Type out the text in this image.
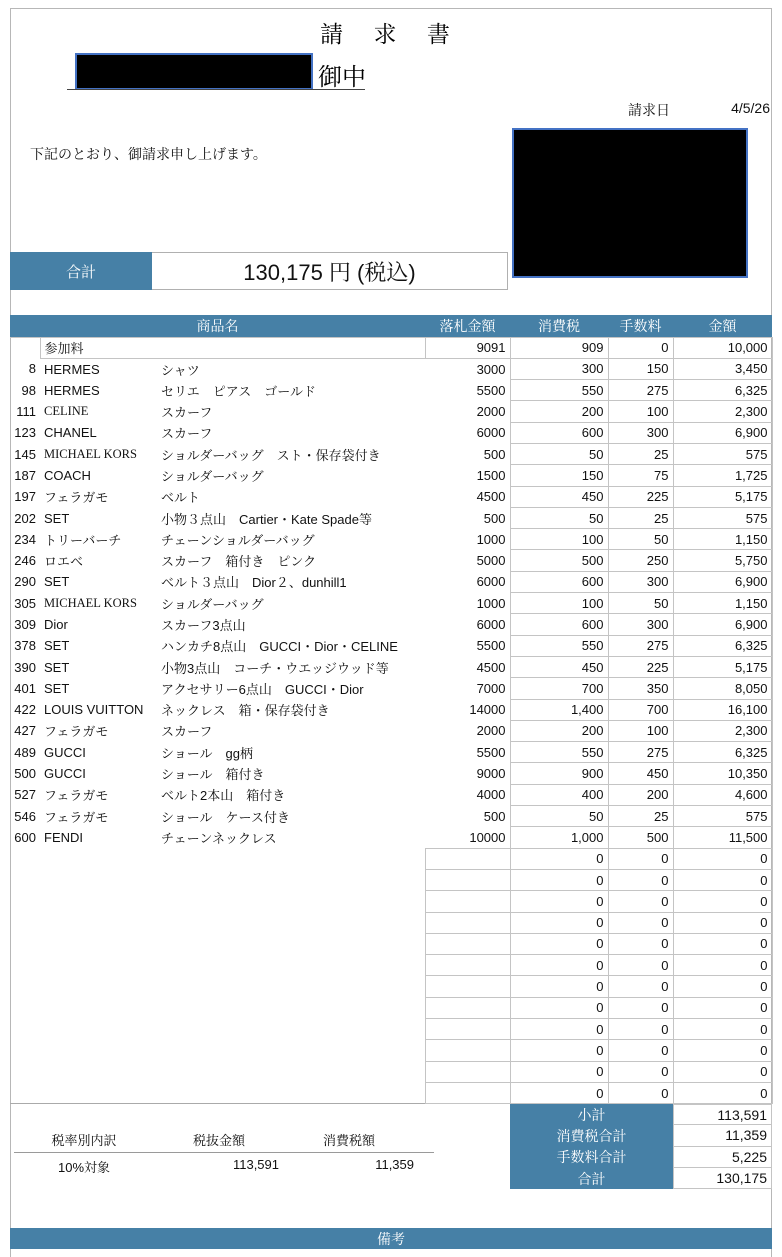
請 求 書
御中
請求日	4/5/26
下記のとおり、御請求申し上げます。
合計	130,175 円 (税込)
商品名			落札金額	消費税	手数料	金額
	参加料		9091	909	0	10,000
8	HERMES	シャツ	3000	300	150	3,450
98	HERMES	セリエ　ピアス　ゴールド	5500	550	275	6,325
111	CELINE	スカーフ	2000	200	100	2,300
123	CHANEL	スカーフ	6000	600	300	6,900
145	MICHAEL KORS	ショルダーバッグ　スト・保存袋付き	500	50	25	575
187	COACH	ショルダーバッグ	1500	150	75	1,725
197	フェラガモ	ベルト	4500	450	225	5,175
202	SET	小物３点山　Cartier・Kate Spade等	500	50	25	575
234	トリーバーチ	チェーンショルダーバッグ	1000	100	50	1,150
246	ロエベ	スカーフ　箱付き　ピンク	5000	500	250	5,750
290	SET	ベルト３点山　Dior２、dunhill1	6000	600	300	6,900
305	MICHAEL KORS	ショルダーバッグ	1000	100	50	1,150
309	Dior	スカーフ3点山	6000	600	300	6,900
378	SET	ハンカチ8点山　GUCCI・Dior・CELINE	5500	550	275	6,325
390	SET	小物3点山　コーチ・ウエッジウッド等	4500	450	225	5,175
401	SET	アクセサリー6点山　GUCCI・Dior	7000	700	350	8,050
422	LOUIS VUITTON	ネックレス　箱・保存袋付き	14000	1,400	700	16,100
427	フェラガモ	スカーフ	2000	200	100	2,300
489	GUCCI	ショール　gg柄	5500	550	275	6,325
500	GUCCI	ショール　箱付き	9000	900	450	10,350
527	フェラガモ	ベルト2本山　箱付き	4000	400	200	4,600
546	フェラガモ	ショール　ケース付き	500	50	25	575
600	FENDI	チェーンネックレス	10000	1,000	500	11,500
				0	0	0
				0	0	0
				0	0	0
				0	0	0
				0	0	0
				0	0	0
				0	0	0
				0	0	0
				0	0	0
				0	0	0
				0	0	0
				0	0	0
小計	113,591
消費税合計	11,359
手数料合計	5,225
合計	130,175
税率別内訳	税抜金額	消費税額
10%対象	113,591	11,359
備考
